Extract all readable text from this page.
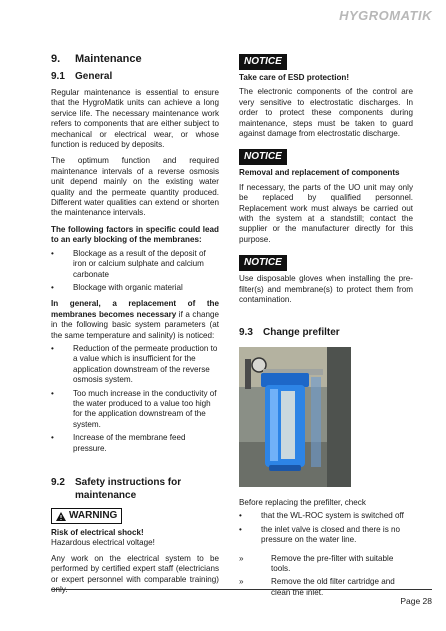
HYGROMATIK
9. Maintenance
9.1 General

Regular maintenance is essential to ensure that the HygroMatik units can achieve a long service life. The necessary maintenance work refers to components that are either subject to mechanical or electrical wear, or whose function is reduced by deposits.

The optimum function and required maintenance intervals of a reverse osmosis unit depend mainly on the existing water quality and the permeate quantity produced. Different water qualities can extend or shorten the maintenance intervals.

The following factors in specific could lead to an early blocking of the membranes:

• Blockage as a result of the deposit of iron or calcium sulphate and calcium carbonate
• Blockage with organic material

In general, a replacement of the membranes becomes necessary if a change in the following basic system parameters (at the same temperature and salinity) is noticed:

• Reduction of the permeate production to a value which is insufficient for the application downstream of the reverse osmosis system.
• Too much increase in the conductivity of the water produced to a value too high for the application downstream of the system.
• Increase of the membrane feed pressure.
9.2	Safety instructions for maintenance
WARNING
Risk of electrical shock!
Hazardous electrical voltage!

Any work on the electrical system to be performed by certified expert staff (electricians or expert personnel with comparable training) only.

NOTICE
Take care of ESD protection!

The electronic components of the control are very sensitive to electrostatic discharges. In order to protect these components during maintenance, steps must be taken to guard against damage from electrostatic discharge.

NOTICE
Removal and replacement of components

If necessary, the parts of the UO unit may only be replaced by qualified personnel. Replacement work must always be carried out with the system at a standstill; contact the supplier or the manufacturer directly for this purpose.

NOTICE

Use disposable gloves when installing the pre-filter(s) and membrane(s) to protect them from contamination.

9.3 Change prefilter

Before replacing the prefilter, check

• that the WL-ROC system is switched off
• the inlet valve is closed and there is no pressure on the water line.
»	Remove the pre-filter with suitable tools.
»	Remove the old filter cartridge and clean the inlet.
Page 28
